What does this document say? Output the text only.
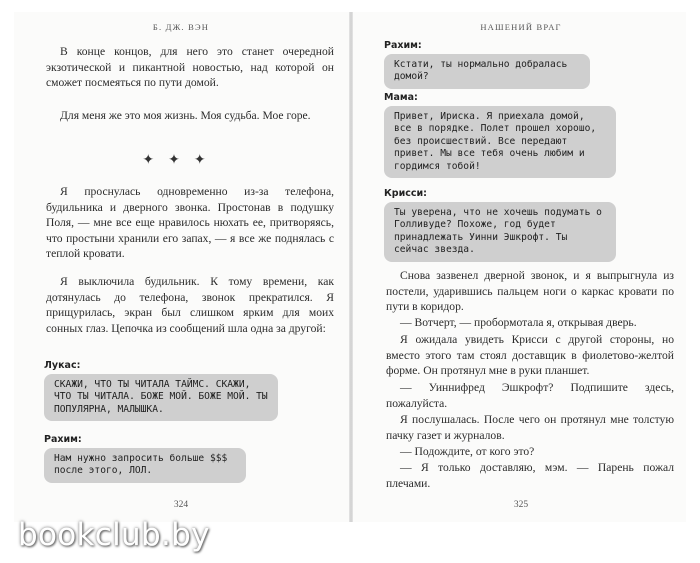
Б. ДЖ. ВЭН

В конце концов, для него это станет очередной экзотической и пикантной новостью, над которой он сможет посмеяться по пути домой.

Для меня же это моя жизнь. Моя судьба. Мое горе.

✦✦✦

Я проснулась одновременно из-за телефона, будильника и дверного звонка. Простонав в подушку Поля, — мне все еще нравилось нюхать ее, притворяясь, что простыни хранили его запах, — я все же поднялась с теплой кровати.

Я выключила будильник. К тому времени, как дотянулась до телефона, звонок прекратился. Я прищурилась, экран был слишком ярким для моих сонных глаз. Цепочка из сообщений шла одна за другой:

Лукас:
СКАЖИ, ЧТО ТЫ ЧИТАЛА ТАЙМС. СКАЖИ, ЧТО ТЫ ЧИТАЛА. БОЖЕ МОЙ. БОЖЕ МОЙ. ТЫ ПОПУЛЯРНА, МАЛЫШКА.
Рахим:
Нам нужно запросить больше $$$ после этого, ЛОЛ.
324
НАШЕНИЙ ВРАГ
Рахим:
Кстати, ты нормально добралась домой?
Мама:
Привет, Ириска. Я приехала домой, все в порядке. Полет прошел хорошо, без происшествий. Все передают привет. Мы все тебя очень любим и гордимся тобой!
Крисси:
Ты уверена, что не хочешь подумать о Голливуде? Похоже, год будет принадлежать Уинни Эшкрофт. Ты сейчас звезда.

Снова зазвенел дверной звонок, и я выпрыгнула из постели, ударившись пальцем ноги о каркас кровати по пути в коридор.

— Вотчерт, — пробормотала я, открывая дверь.

Я ожидала увидеть Крисси с другой стороны, но вместо этого там стоял доставщик в фиолетово-желтой форме. Он протянул мне в руки планшет.

— Уиннифред Эшкрофт? Подпишите здесь, пожалуйста.

Я послушалась. После чего он протянул мне толстую пачку газет и журналов.

— Подождите, от кого это?

— Я только доставляю, мэм. — Парень пожал плечами.

325
bookclub.by
